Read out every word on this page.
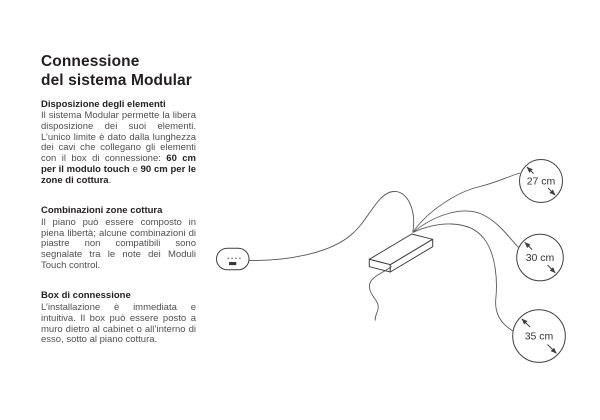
Connessione
del sistema Modular
Disposizione degli elementi

Il sistema Modular permette la libera disposizione dei suoi elementi. L’unico limite è dato dalla lunghezza dei cavi che collegano gli elementi con il box di connessione: 60 cm per il modulo touch e 90 cm per le zone di cottura.

Combinazioni zone cottura

Il piano può essere composto in piena libertà; alcune combinazioni di piastre non compatibili sono segnalate tra le note dei Moduli Touch control.

Box di connessione

L’installazione è immediata e intuitiva. Il box può essere posto a muro dietro al cabinet o all’interno di esso, sotto al piano cottura.

27 cm
30 cm
35 cm
